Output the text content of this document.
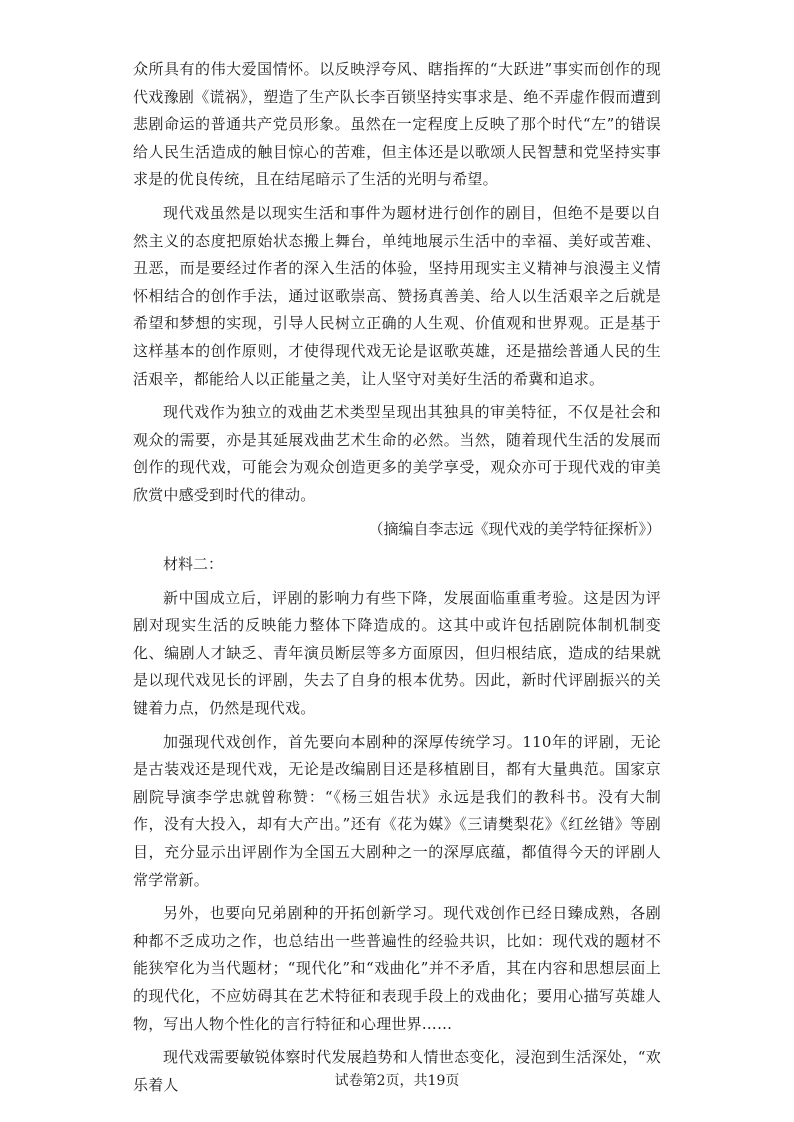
众所具有的伟大爱国情怀。以反映浮夸风、瞎指挥的“大跃进”事实而创作的现代戏豫剧《谎祸》，塑造了生产队长李百锁坚持实事求是、绝不弄虚作假而遭到悲剧命运的普通共产党员形象。虽然在一定程度上反映了那个时代“左”的错误给人民生活造成的触目惊心的苦难，但主体还是以歌颂人民智慧和党坚持实事求是的优良传统，且在结尾暗示了生活的光明与希望。

现代戏虽然是以现实生活和事件为题材进行创作的剧目，但绝不是要以自然主义的态度把原始状态搬上舞台，单纯地展示生活中的幸福、美好或苦难、丑恶，而是要经过作者的深入生活的体验，坚持用现实主义精神与浪漫主义情怀相结合的创作手法，通过讴歌崇高、赞扬真善美、给人以生活艰辛之后就是希望和梦想的实现，引导人民树立正确的人生观、价值观和世界观。正是基于这样基本的创作原则，才使得现代戏无论是讴歌英雄，还是描绘普通人民的生活艰辛，都能给人以正能量之美，让人坚守对美好生活的希冀和追求。

现代戏作为独立的戏曲艺术类型呈现出其独具的审美特征，不仅是社会和观众的需要，亦是其延展戏曲艺术生命的必然。当然，随着现代生活的发展而创作的现代戏，可能会为观众创造更多的美学享受，观众亦可于现代戏的审美欣赏中感受到时代的律动。

（摘编自李志远《现代戏的美学特征探析》）

材料二：

新中国成立后，评剧的影响力有些下降，发展面临重重考验。这是因为评剧对现实生活的反映能力整体下降造成的。这其中或许包括剧院体制机制变化、编剧人才缺乏、青年演员断层等多方面原因，但归根结底，造成的结果就是以现代戏见长的评剧，失去了自身的根本优势。因此，新时代评剧振兴的关键着力点，仍然是现代戏。

加强现代戏创作，首先要向本剧种的深厚传统学习。110年的评剧，无论是古装戏还是现代戏，无论是改编剧目还是移植剧目，都有大量典范。国家京剧院导演李学忠就曾称赞：“《杨三姐告状》永远是我们的教科书。没有大制作，没有大投入，却有大产出。”还有《花为媒》《三请樊梨花》《红丝错》等剧目，充分显示出评剧作为全国五大剧种之一的深厚底蕴，都值得今天的评剧人常学常新。

另外，也要向兄弟剧种的开拓创新学习。现代戏创作已经日臻成熟，各剧种都不乏成功之作，也总结出一些普遍性的经验共识，比如：现代戏的题材不能狭窄化为当代题材；“现代化”和“戏曲化”并不矛盾，其在内容和思想层面上的现代化，不应妨碍其在艺术特征和表现手段上的戏曲化；要用心描写英雄人物，写出人物个性化的言行特征和心理世界……

现代戏需要敏锐体察时代发展趋势和人情世态变化，浸泡到生活深处，“欢乐着人	试卷第2页，共19页
